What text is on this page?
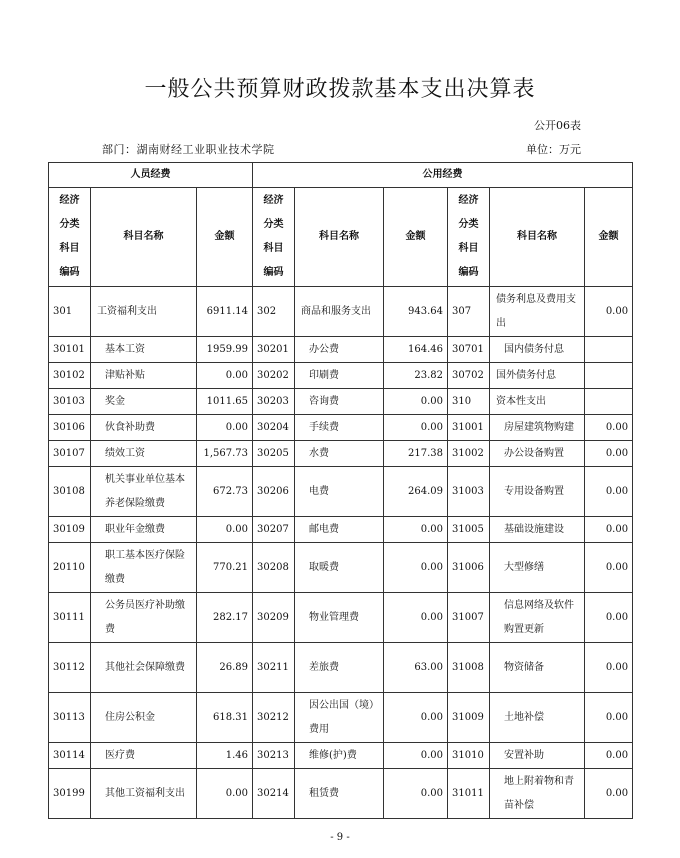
一般公共预算财政拨款基本支出决算表
公开06表
部门：湖南财经工业职业技术学院	单位：万元
人员经费			公用经费					
经济分类科目编码	科目名称	金额	经济分类科目编码	科目名称	金额	经济分类科目编码	科目名称	金额
301	工资福利支出	6911.14	302	商品和服务支出	943.64	307	债务利息及费用支出	0.00
30101	基本工资	1959.99	30201	办公费	164.46	30701	国内债务付息	
30102	津贴补贴	0.00	30202	印刷费	23.82	30702	国外债务付息	
30103	奖金	1011.65	30203	咨询费	0.00	310	资本性支出	
30106	伙食补助费	0.00	30204	手续费	0.00	31001	房屋建筑物购建	0.00
30107	绩效工资	1,567.73	30205	水费	217.38	31002	办公设备购置	0.00
30108	机关事业单位基本养老保险缴费	672.73	30206	电费	264.09	31003	专用设备购置	0.00
30109	职业年金缴费	0.00	30207	邮电费	0.00	31005	基础设施建设	0.00
20110	职工基本医疗保险缴费	770.21	30208	取暖费	0.00	31006	大型修缮	0.00
30111	公务员医疗补助缴费	282.17	30209	物业管理费	0.00	31007	信息网络及软件购置更新	0.00
30112	其他社会保障缴费	26.89	30211	差旅费	63.00	31008	物资储备	0.00
30113	住房公积金	618.31	30212	因公出国（境）费用	0.00	31009	土地补偿	0.00
30114	医疗费	1.46	30213	维修(护)费	0.00	31010	安置补助	0.00
30199	其他工资福利支出	0.00	30214	租赁费	0.00	31011	地上附着物和青苗补偿	0.00
- 9 -
